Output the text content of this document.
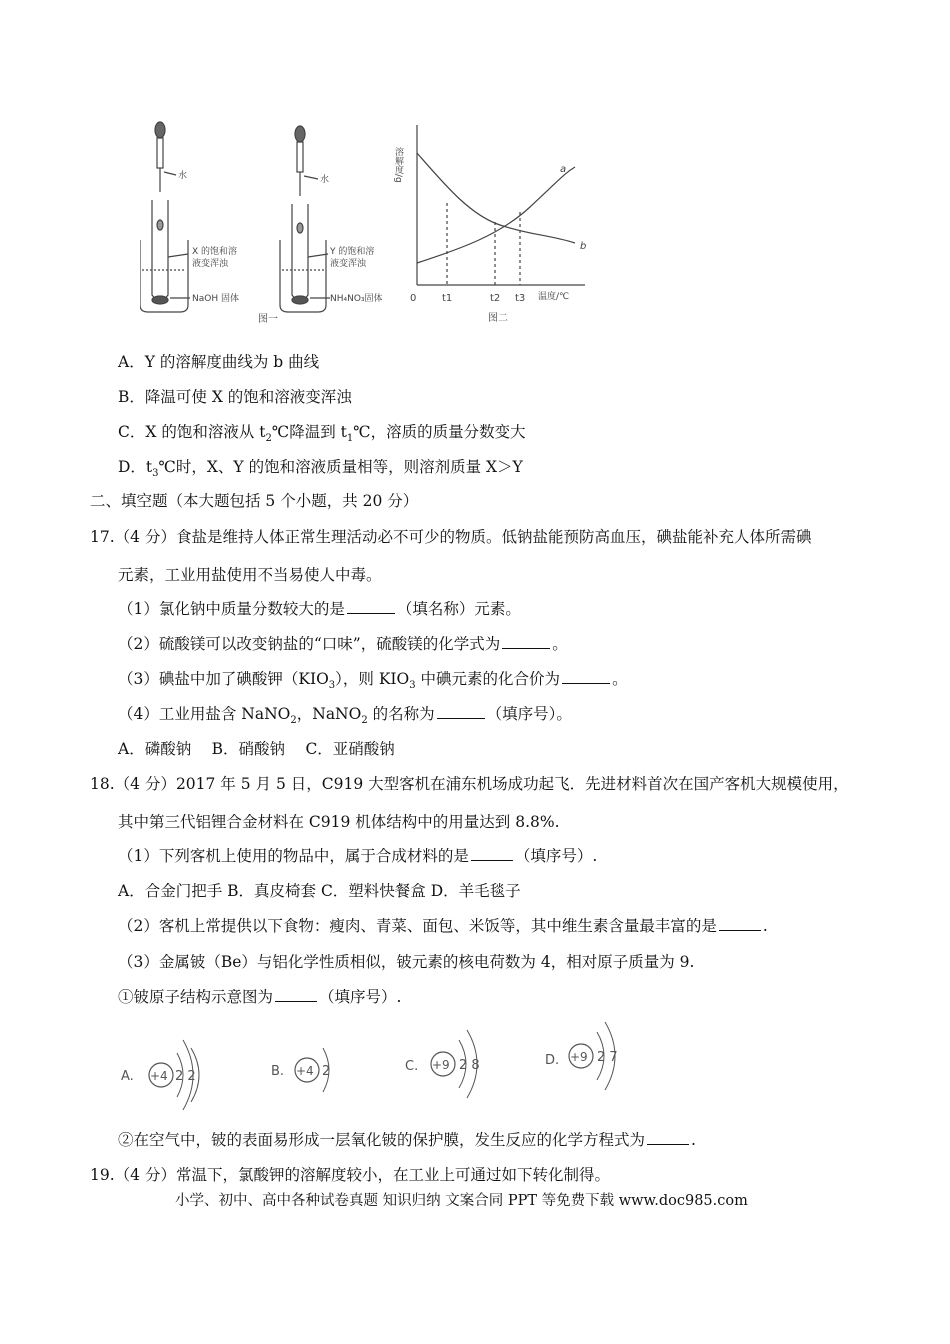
水
X 的饱和溶
液变浑浊
NaOH 固体
水
Y 的饱和溶
液变浑浊
NH₄NO₃固体
图一
溶解度/g	a
b
0	t1	t2 t3 温度/℃
图二
A．Y 的溶解度曲线为 b 曲线
B．降温可使 X 的饱和溶液变浑浊
C．X 的饱和溶液从 $t_2℃$降温到 $t_1℃$，溶质的质量分数变大
D．$t_3℃$时，X、Y 的饱和溶液质量相等，则溶剂质量 X＞Y
二、填空题（本大题包括 5 个小题，共 20 分）
17.（4 分）食盐是维持人体正常生理活动必不可少的物质。低钠盐能预防高血压，碘盐能补充人体所需碘
元素，工业用盐使用不当易使人中毒。
（1）氯化钠中质量分数较大的是	（填名称）元素。
（2）硫酸镁可以改变钠盐的“口味”，硫酸镁的化学式为	。
（3）碘盐中加了碘酸钾$(KIO_3)$，则 $KIO_3$ 中碘元素的化合价为	。
（4）工业用盐含 NaNO$_2$，NaNO$_2$ 的名称为	（填序号）。
A．磷酸钠　 B．硝酸钠　 C．亚硝酸钠
18.（4 分）2017 年 5 月 5 日，C919 大型客机在浦东机场成功起飞．先进材料首次在国产客机大规模使用，
其中第三代铝锂合金材料在 C919 机体结构中的用量达到 8.8%.
（1）下列客机上使用的物品中，属于合成材料的是	（填序号）.
A．合金门把手 B．真皮椅套 C．塑料快餐盒 D．羊毛毯子
（2）客机上常提供以下食物：瘦肉、青菜、面包、米饭等，其中维生素含量最丰富的是	.
（3）金属铍（Be）与铝化学性质相似，铍元素的核电荷数为 4，相对原子质量为 9.
①铍原子结构示意图为	（填序号）.
A. +4 2 2	B. +4 2	C. +9 2 8	D. +9 2 7
②在空气中，铍的表面易形成一层氧化铍的保护膜，发生反应的化学方程式为	.
19.（4 分）常温下，氯酸钾的溶解度较小，在工业上可通过如下转化制得。
小学、初中、高中各种试卷真题 知识归纳 文案合同 PPT 等免费下载 www.doc985.com
